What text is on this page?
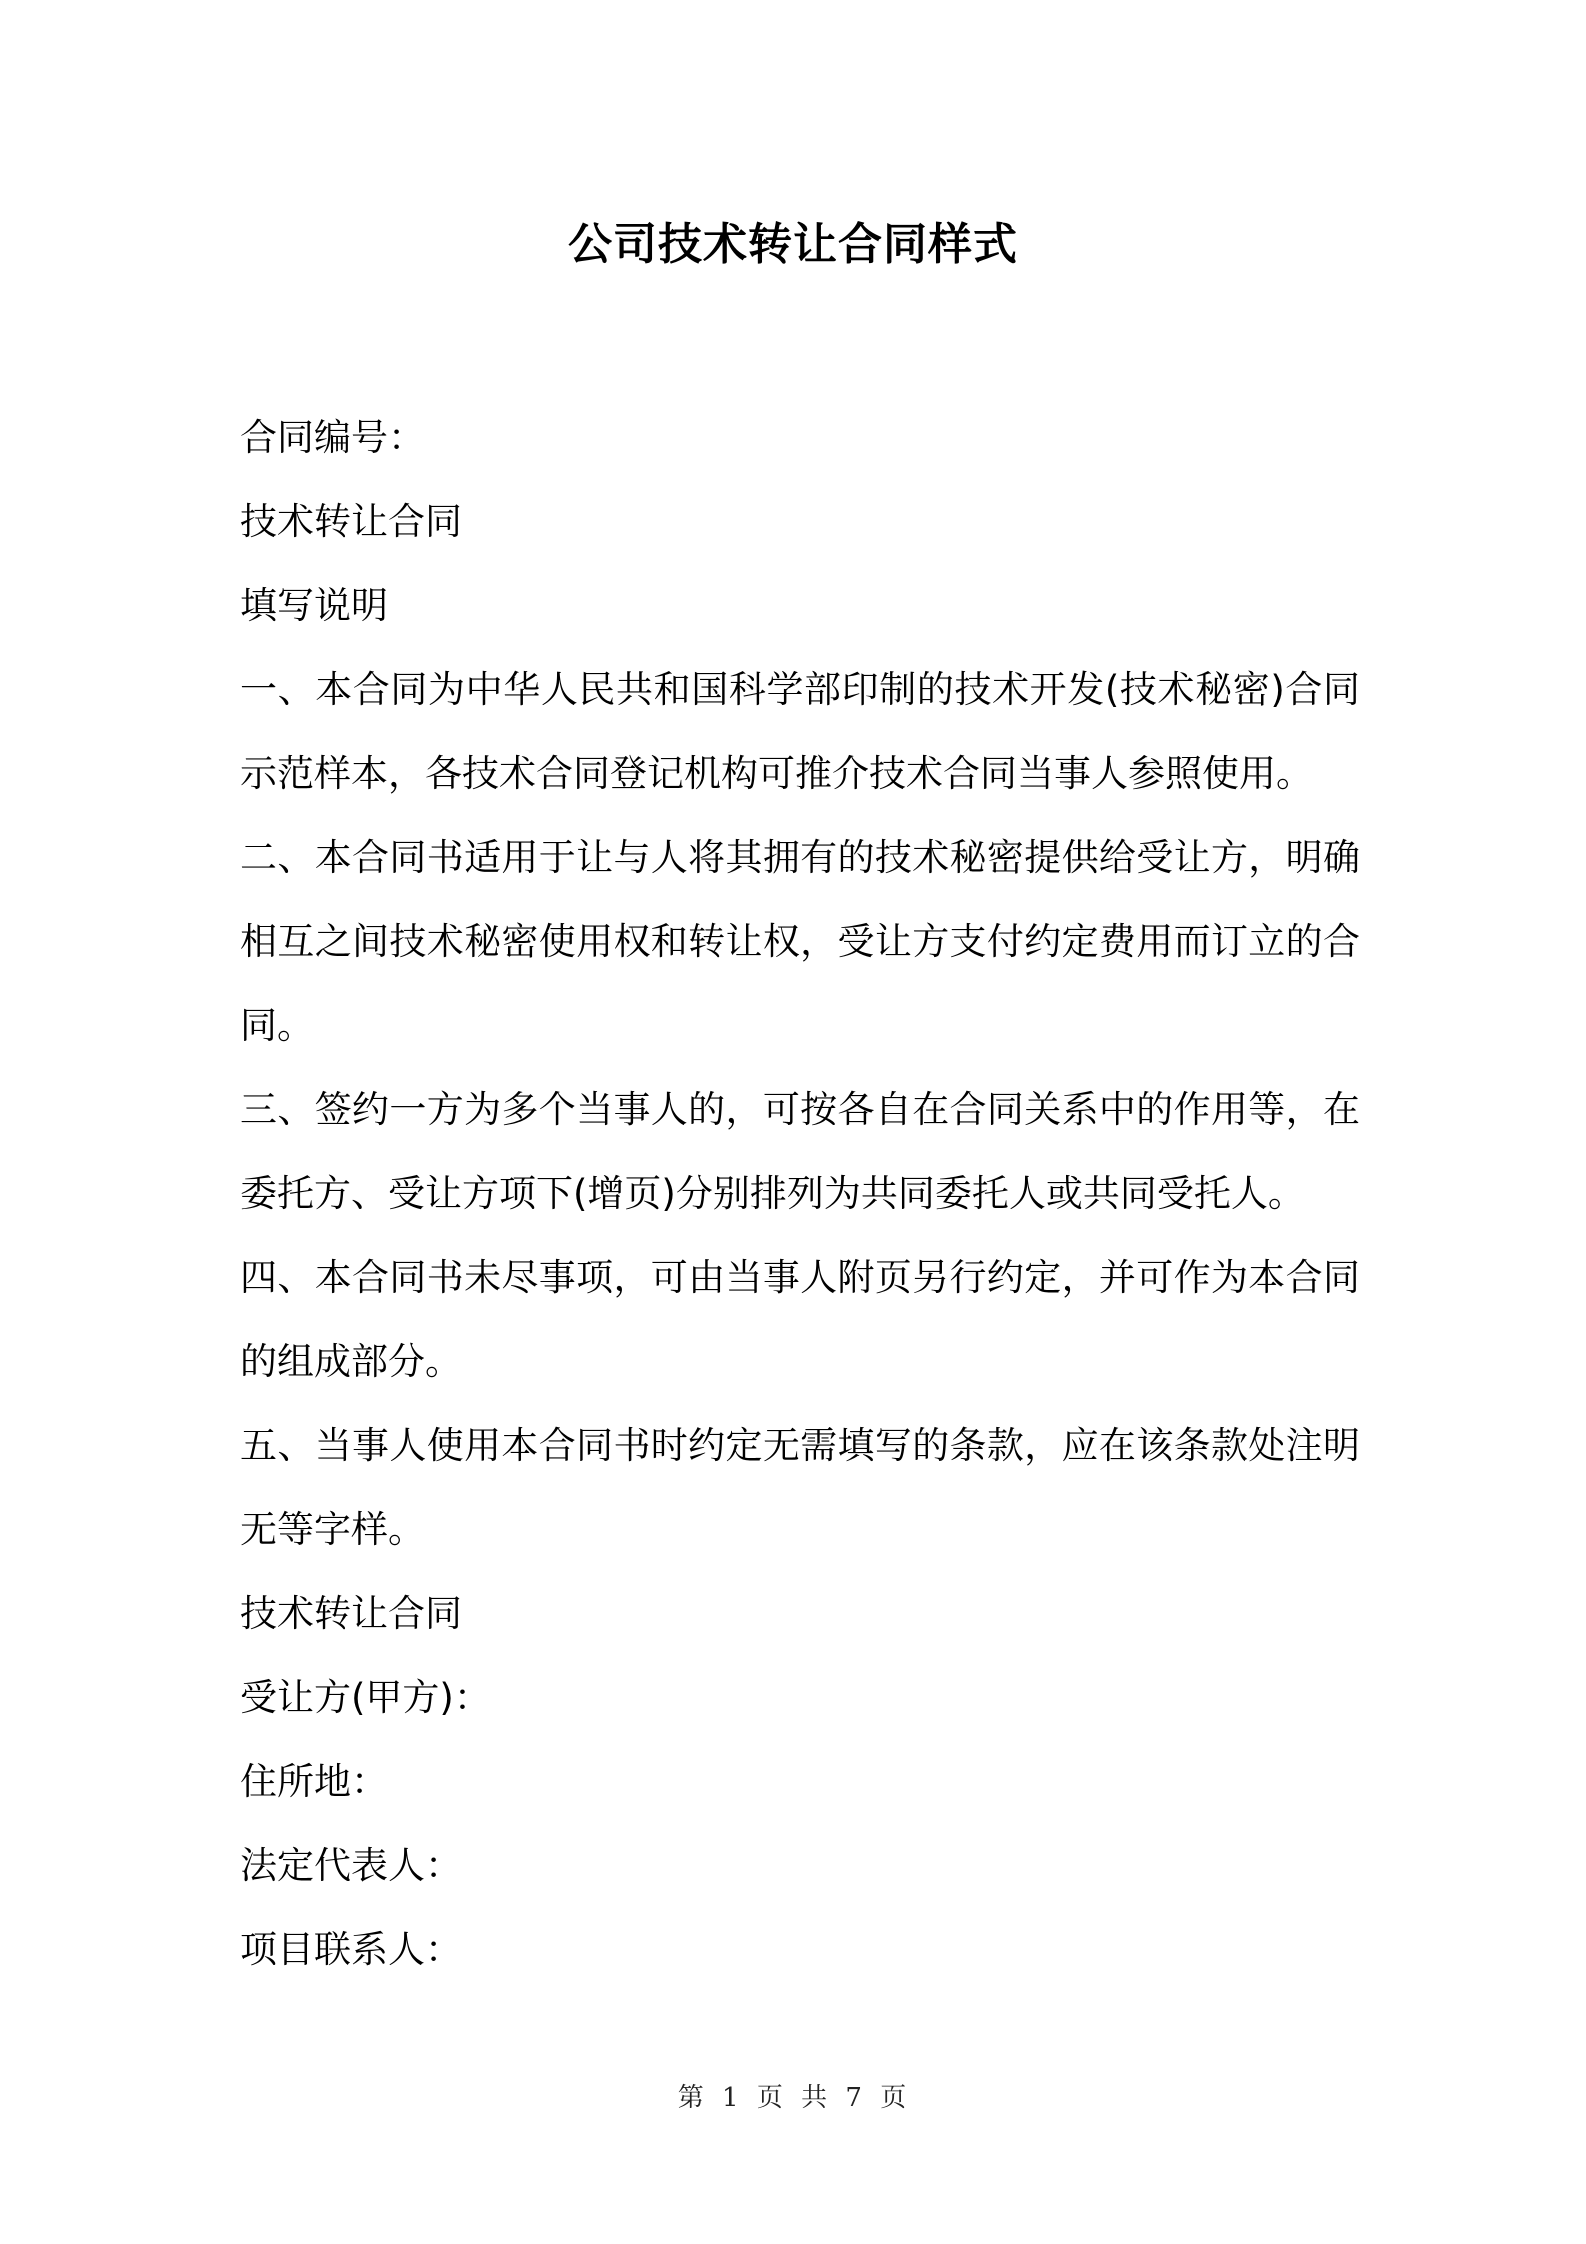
公司技术转让合同样式

合同编号：

技术转让合同

填写说明

一、本合同为中华人民共和国科学部印制的技术开发(技术秘密)合同示范样本，各技术合同登记机构可推介技术合同当事人参照使用。

二、本合同书适用于让与人将其拥有的技术秘密提供给受让方，明确相互之间技术秘密使用权和转让权，受让方支付约定费用而订立的合同。

三、签约一方为多个当事人的，可按各自在合同关系中的作用等，在委托方、受让方项下(增页)分别排列为共同委托人或共同受托人。

四、本合同书未尽事项，可由当事人附页另行约定，并可作为本合同的组成部分。

五、当事人使用本合同书时约定无需填写的条款，应在该条款处注明无等字样。

技术转让合同

受让方(甲方)：

住所地：

法定代表人：

项目联系人：

第 1 页 共 7 页
